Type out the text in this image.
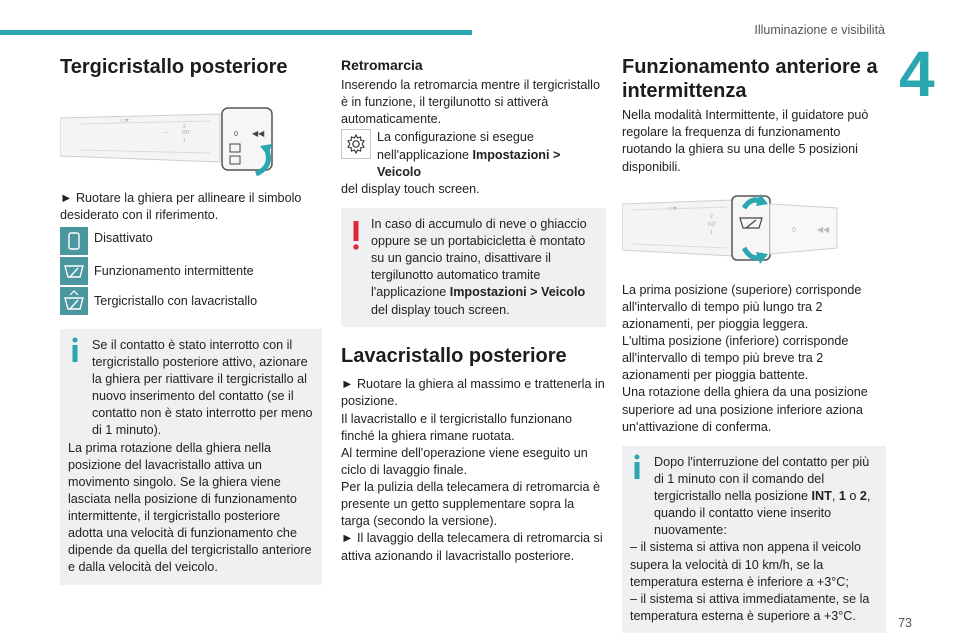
Illuminazione e visibilità
4
Tergicristallo posteriore
▭▾
INT
1
2
⌒	0 ◀◀

► Ruotare la ghiera per allineare il simbolo desiderato con il riferimento.

Disattivato
Funzionamento intermittente
Tergicristallo con lavacristallo

Se il contatto è stato interrotto con il tergicristallo posteriore attivo, azionare la ghiera per riattivare il tergicristallo al nuovo inserimento del contatto (se il contatto non è stato interrotto per meno di 1 minuto).

La prima rotazione della ghiera nella posizione del lavacristallo attiva un movimento singolo. Se la ghiera viene lasciata nella posizione di funzionamento intermittente, il tergicristallo posteriore adotta una velocità di funzionamento che dipende da quella del tergicristallo anteriore e dalla velocità del veicolo.

Retromarcia

Inserendo la retromarcia mentre il tergicristallo è in funzione, il tergilunotto si attiverà automaticamente.

La configurazione si esegue nell'applicazione Impostazioni > Veicolo

del display touch screen.

In caso di accumulo di neve o ghiaccio oppure se un portabicicletta è montato su un gancio traino, disattivare il tergilunotto automatico tramite l'applicazione Impostazioni > Veicolo del display touch screen.

Lavacristallo posteriore

► Ruotare la ghiera al massimo e trattenerla in posizione.

Il lavacristallo e il tergicristallo funzionano finché la ghiera rimane ruotata.

Al termine dell'operazione viene eseguito un ciclo di lavaggio finale.

Per la pulizia della telecamera di retromarcia è presente un getto supplementare sopra la targa (secondo la versione).

► Il lavaggio della telecamera di retromarcia si attiva azionando il lavacristallo posteriore.

Funzionamento anteriore a intermittenza

Nella modalità Intermittente, il guidatore può regolare la frequenza di funzionamento ruotando la ghiera su una delle 5 posizioni disponibili.

▭▾
2
INT
1	0	◀◀

La prima posizione (superiore) corrisponde all'intervallo di tempo più lungo tra 2 azionamenti, per pioggia leggera.

L'ultima posizione (inferiore) corrisponde all'intervallo di tempo più breve tra 2 azionamenti per pioggia battente.

Una rotazione della ghiera da una posizione superiore ad una posizione inferiore aziona un'attivazione di conferma.

Dopo l'interruzione del contatto per più di 1 minuto con il comando del tergicristallo nella posizione INT, 1 o 2, quando il contatto viene inserito nuovamente:

– il sistema si attiva non appena il veicolo supera la velocità di 10 km/h, se la temperatura esterna è inferiore a +3°C;

– il sistema si attiva immediatamente, se la temperatura esterna è superiore a +3°C.

73
